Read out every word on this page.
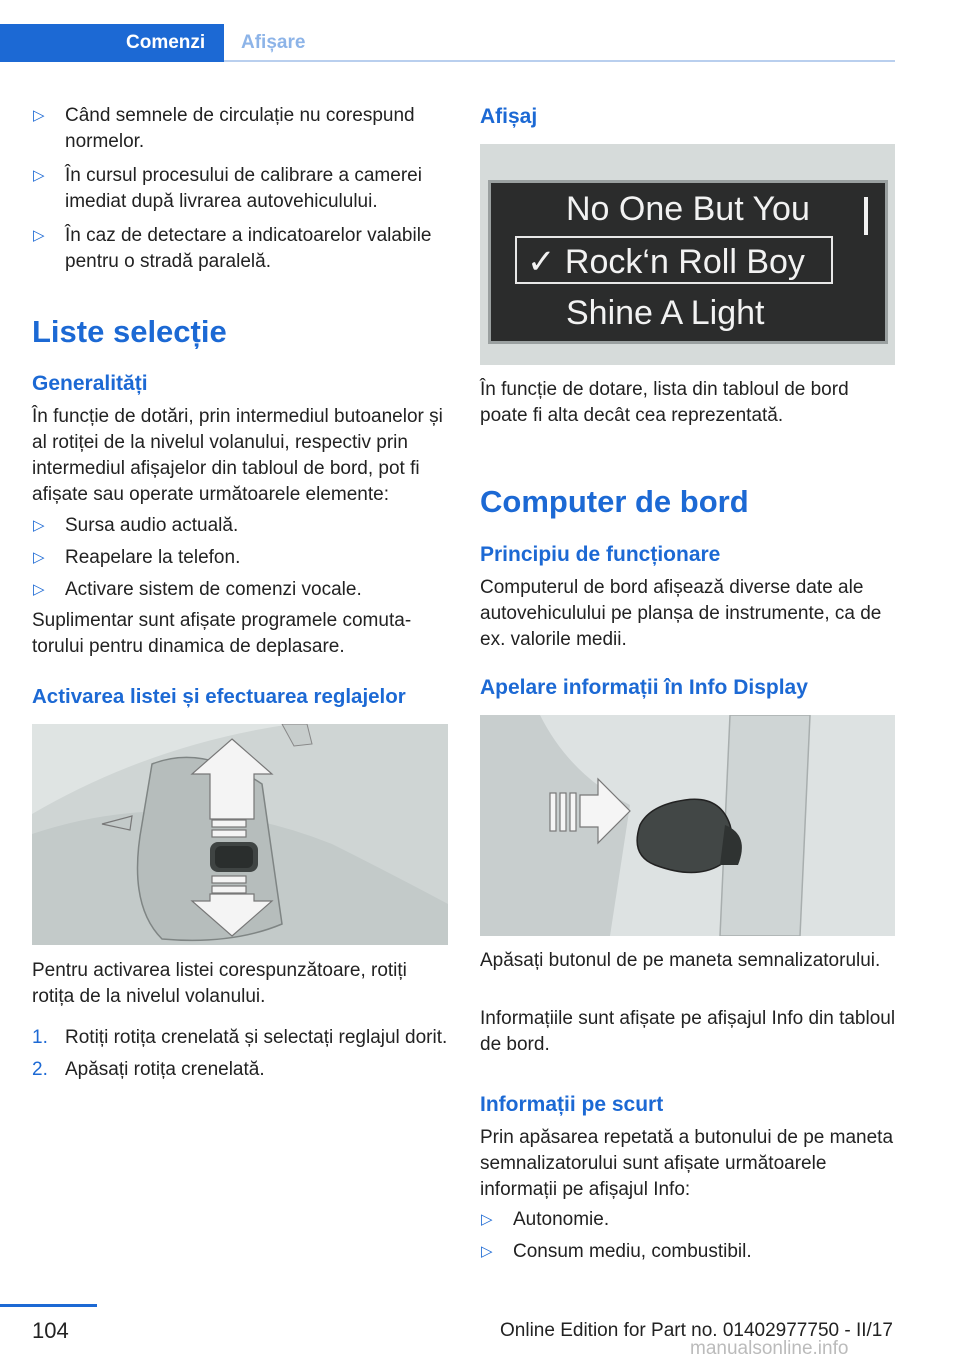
Comenzi	Afișare
▷ Când semnele de circulație nu corespund normelor.
▷ În cursul procesului de calibrare a camerei imediat după livrarea autovehiculului.
▷ În caz de detectare a indicatoarelor valabile pentru o stradă paralelă.
Liste selecție
Generalități
În funcție de dotări, prin intermediul butoanelor și al rotiței de la nivelul volanului, respectiv prin intermediul afișajelor din tabloul de bord, pot fi afișate sau operate următoarele elemente:
▷ Sursa audio actuală.
▷ Reapelare la telefon.
▷ Activare sistem de comenzi vocale.
Suplimentar sunt afișate programele comutatorului pentru dinamica de deplasare.
Activarea listei și efectuarea reglajelor
Pentru activarea listei corespunzătoare, rotiți rotița de la nivelul volanului.
1. Rotiți rotița crenelată și selectați reglajul dorit.
2. Apăsați rotița crenelată.
Afișaj
No One But You
✓ Rock‘n Roll Boy
Shine A Light
În funcție de dotare, lista din tabloul de bord poate fi alta decât cea reprezentată.
Computer de bord
Principiu de funcționare
Computerul de bord afișează diverse date ale autovehiculului pe planșa de instrumente, ca de ex. valorile medii.
Apelare informații în Info Display
Apăsați butonul de pe maneta semnalizatorului.
Informațiile sunt afișate pe afișajul Info din tabloul de bord.
Informații pe scurt
Prin apăsarea repetată a butonului de pe maneta semnalizatorului sunt afișate următoarele informații pe afișajul Info:
▷ Autonomie.
▷ Consum mediu, combustibil.
104	Online Edition for Part no. 01402977750 - II/17
manualsonline.info
